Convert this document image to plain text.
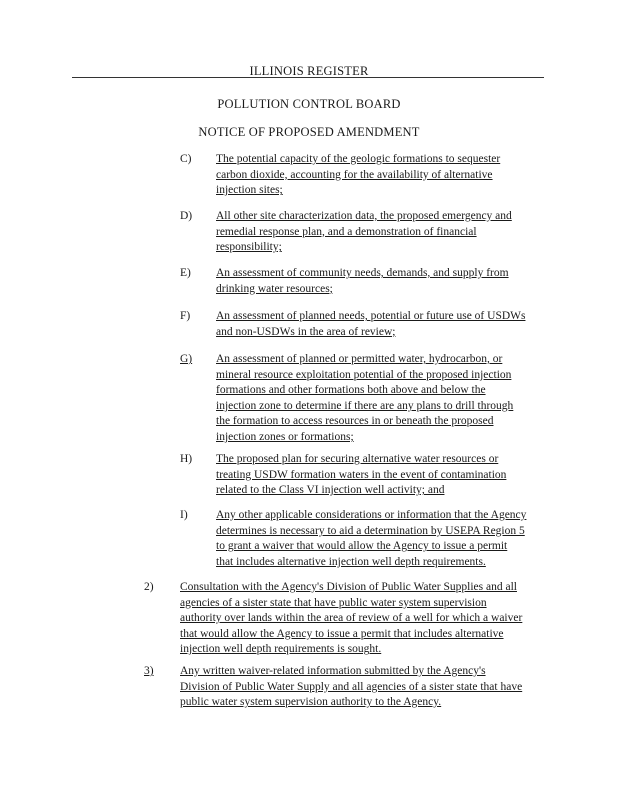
ILLINOIS REGISTER
POLLUTION CONTROL BOARD
NOTICE OF PROPOSED AMENDMENT
C) The potential capacity of the geologic formations to sequester
carbon dioxide, accounting for the availability of alternative
injection sites;
D) All other site characterization data, the proposed emergency and
remedial response plan, and a demonstration of financial
responsibility;
E) An assessment of community needs, demands, and supply from
drinking water resources;
F) An assessment of planned needs, potential or future use of USDWs
and non-USDWs in the area of review;
G) An assessment of planned or permitted water, hydrocarbon, or
mineral resource exploitation potential of the proposed injection
formations and other formations both above and below the
injection zone to determine if there are any plans to drill through
the formation to access resources in or beneath the proposed
injection zones or formations;
H) The proposed plan for securing alternative water resources or
treating USDW formation waters in the event of contamination
related to the Class VI injection well activity; and
I) Any other applicable considerations or information that the Agency
determines is necessary to aid a determination by USEPA Region 5
to grant a waiver that would allow the Agency to issue a permit
that includes alternative injection well depth requirements.
2) Consultation with the Agency's Division of Public Water Supplies and all
agencies of a sister state that have public water system supervision
authority over lands within the area of review of a well for which a waiver
that would allow the Agency to issue a permit that includes alternative
injection well depth requirements is sought.
3) Any written waiver-related information submitted by the Agency's
Division of Public Water Supply and all agencies of a sister state that have
public water system supervision authority to the Agency.
